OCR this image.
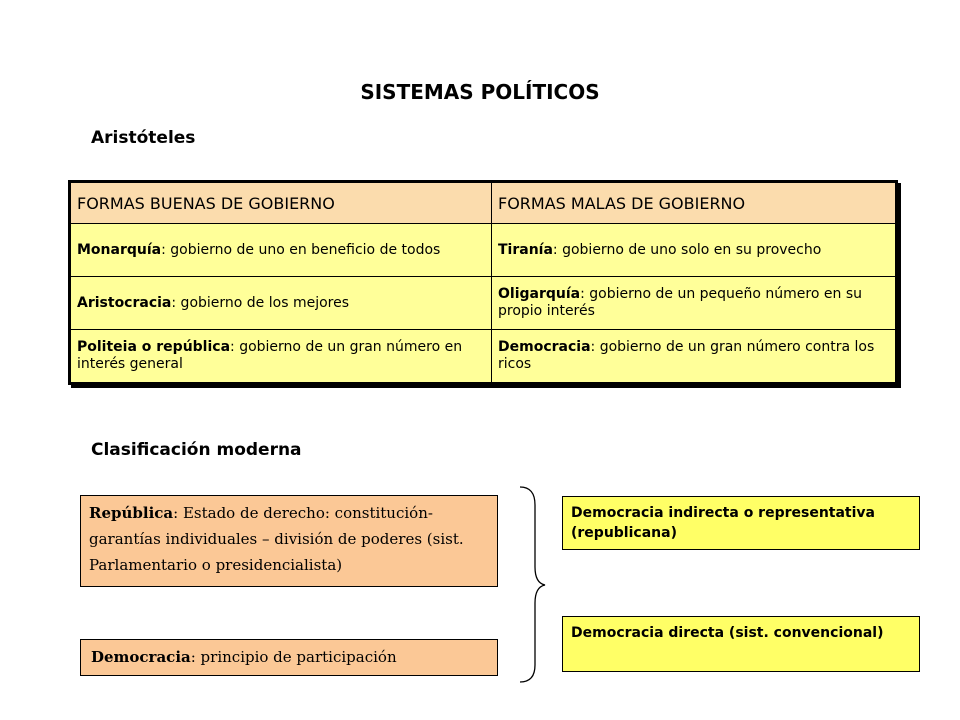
SISTEMAS POLÍTICOS
Aristóteles
FORMAS BUENAS DE GOBIERNO	FORMAS MALAS DE GOBIERNO
Monarquía: gobierno de uno en beneficio de todos	Tiranía: gobierno de uno solo en su provecho
Aristocracia: gobierno de los mejores	Oligarquía: gobierno de un pequeño número en su propio interés
Politeia o república: gobierno de un gran número en interés general	Democracia: gobierno de un gran número contra los ricos
Clasificación moderna
República: Estado de derecho: constitución- garantías individuales – división de poderes (sist. Parlamentario o presidencialista)
Democracia: principio de participación
Democracia indirecta o representativa (republicana)
Democracia directa (sist. convencional)
